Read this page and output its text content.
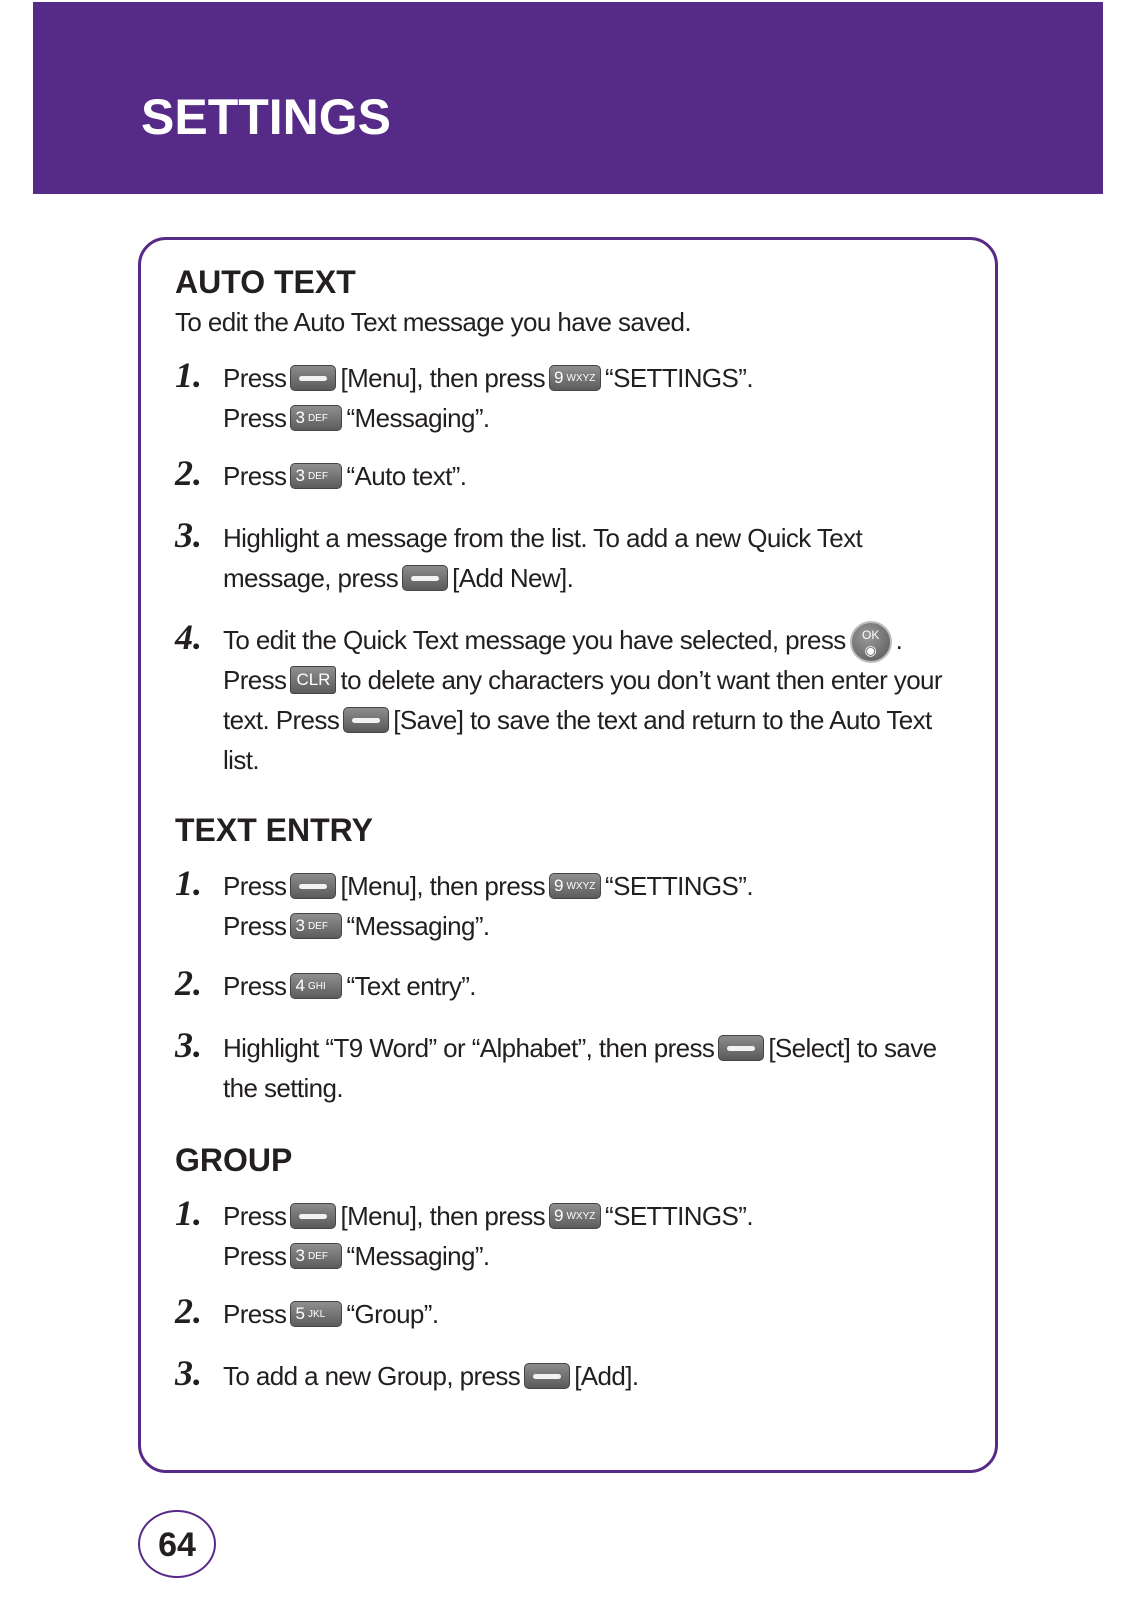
SETTINGS
AUTO TEXT

To edit the Auto Text message you have saved.

1. Press [Menu], then press 9 WXYZ “SETTINGS”.
Press 3 DEF “Messaging”.
2. Press 3 DEF “Auto text”.
3. Highlight a message from the list. To add a new Quick Text
message, press [Add New].
4. To edit the Quick Text message you have selected, press	OK
◉ .
Press CLR to delete any characters you don’t want then enter your
text. Press [Save] to save the text and return to the Auto Text
list.
TEXT ENTRY
1. Press [Menu], then press 9 WXYZ “SETTINGS”.
Press 3 DEF “Messaging”.
2. Press 4 GHI “Text entry”.
3. Highlight “T9 Word” or “Alphabet”, then press [Select] to save
the setting.
GROUP
1. Press [Menu], then press 9 WXYZ “SETTINGS”.
Press 3 DEF “Messaging”.
2. Press 5 JKL “Group”.
3. To add a new Group, press [Add].
64
